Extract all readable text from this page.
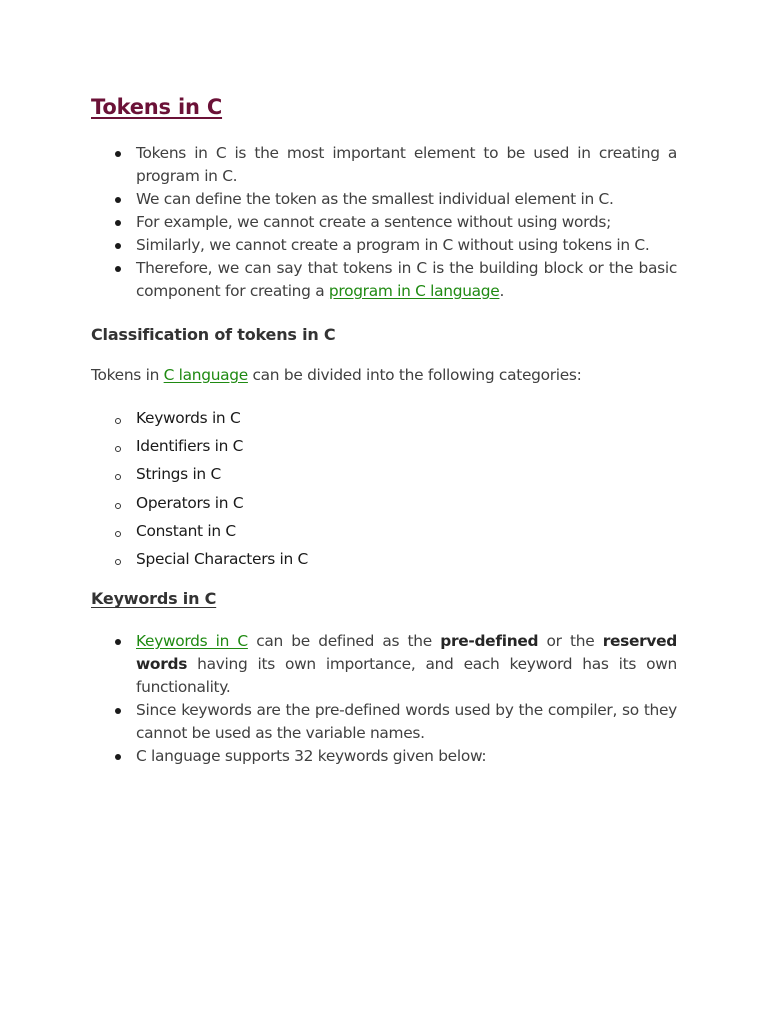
Tokens in C
Tokens in C is the most important element to be used in creating a program in C.
We can define the token as the smallest individual element in C.
For example, we cannot create a sentence without using words;
Similarly, we cannot create a program in C without using tokens in C.
Therefore, we can say that tokens in C is the building block or the basic component for creating a program in C language.
Classification of tokens in C

Tokens in C language can be divided into the following categories:

Keywords in C
Identifiers in C
Strings in C
Operators in C
Constant in C
Special Characters in C
Keywords in C
Keywords in C can be defined as the pre-defined or the reserved words having its own importance, and each keyword has its own functionality.
Since keywords are the pre-defined words used by the compiler, so they cannot be used as the variable names.
C language supports 32 keywords given below:
